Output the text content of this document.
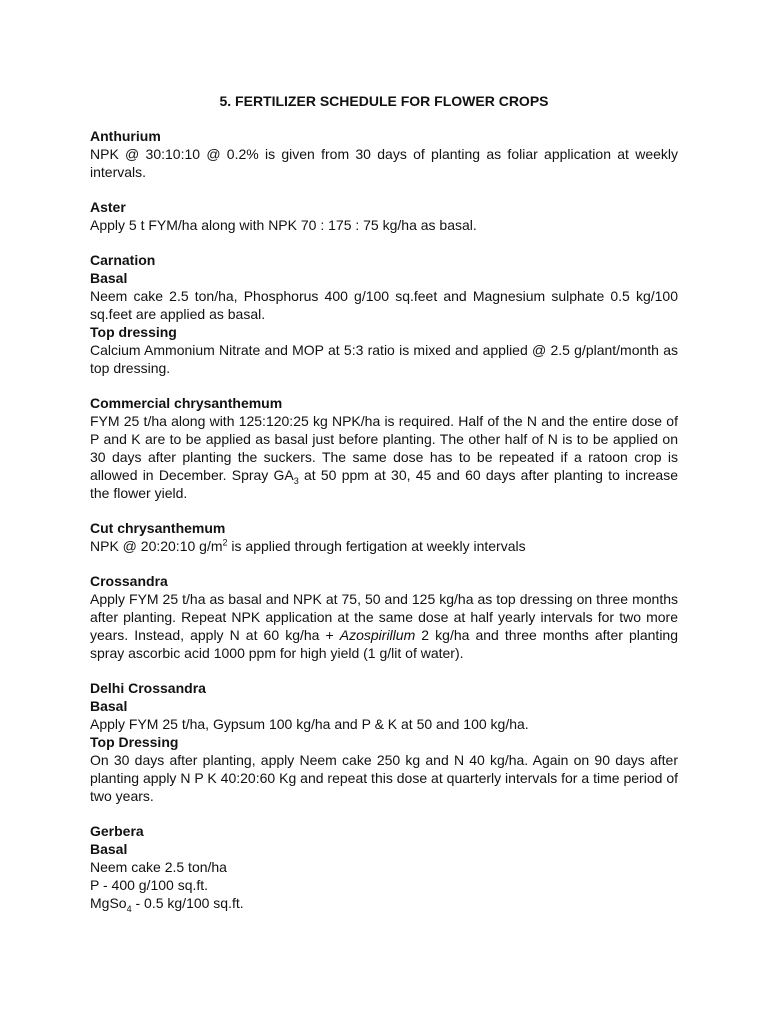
5. FERTILIZER SCHEDULE FOR FLOWER CROPS
Anthurium
NPK @ 30:10:10 @ 0.2% is given from 30 days of planting as foliar application at weekly intervals.
Aster
Apply 5 t FYM/ha along with NPK 70 : 175 : 75 kg/ha as basal.
Carnation
Basal
Neem cake 2.5 ton/ha, Phosphorus 400 g/100 sq.feet and Magnesium sulphate 0.5 kg/100 sq.feet are applied as basal.
Top dressing
Calcium Ammonium Nitrate and MOP at 5:3 ratio is mixed and applied @ 2.5 g/plant/month as top dressing.
Commercial chrysanthemum
FYM 25 t/ha along with 125:120:25 kg NPK/ha is required. Half of the N and the entire dose of P and K are to be applied as basal just before planting. The other half of N is to be applied on 30 days after planting the suckers. The same dose has to be repeated if a ratoon crop is allowed in December. Spray $GA_3$ at 50 ppm at 30, 45 and 60 days after planting to increase the flower yield.
Cut chrysanthemum
NPK @ 20:20:10 $g/m^2$ is applied through fertigation at weekly intervals
Crossandra
Apply FYM 25 t/ha as basal and NPK at 75, 50 and 125 kg/ha as top dressing on three months after planting. Repeat NPK application at the same dose at half yearly intervals for two more years. Instead, apply N at 60 kg/ha + Azospirillum 2 kg/ha and three months after planting spray ascorbic acid 1000 ppm for high yield (1 g/lit of water).
Delhi Crossandra
Basal
Apply FYM 25 t/ha, Gypsum 100 kg/ha and P & K at 50 and 100 kg/ha.
Top Dressing
On 30 days after planting, apply Neem cake 250 kg and N 40 kg/ha. Again on 90 days after planting apply N P K 40:20:60 Kg and repeat this dose at quarterly intervals for a time period of two years.
Gerbera
Basal
Neem cake 2.5 ton/ha
P - 400 g/100 sq.ft.
MgSo$_4$ - 0.5 kg/100 sq.ft.
